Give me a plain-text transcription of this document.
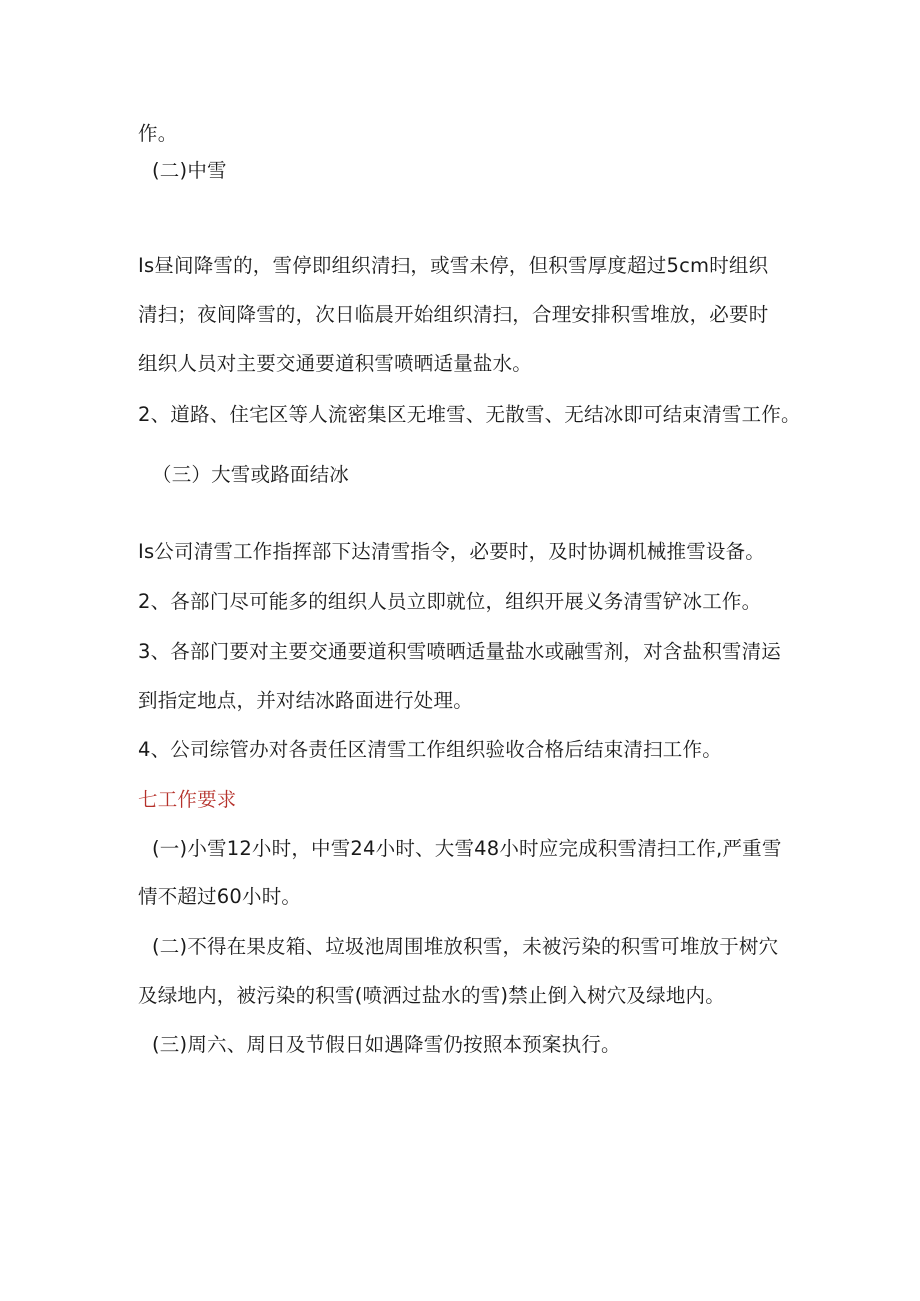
作。
(二)中雪
Is昼间降雪的，雪停即组织清扫，或雪未停，但积雪厚度超过5cm时组织
清扫；夜间降雪的，次日临晨开始组织清扫，合理安排积雪堆放，必要时
组织人员对主要交通要道积雪喷晒适量盐水。
2、道路、住宅区等人流密集区无堆雪、无散雪、无结冰即可结束清雪工作。
（三）大雪或路面结冰
Is公司清雪工作指挥部下达清雪指令，必要时，及时协调机械推雪设备。
2、各部门尽可能多的组织人员立即就位，组织开展义务清雪铲冰工作。
3、各部门要对主要交通要道积雪喷晒适量盐水或融雪剂，对含盐积雪清运
到指定地点，并对结冰路面进行处理。
4、公司综管办对各责任区清雪工作组织验收合格后结束清扫工作。
七工作要求
(一)小雪12小时，中雪24小时、大雪48小时应完成积雪清扫工作,严重雪
情不超过60小时。
(二)不得在果皮箱、垃圾池周围堆放积雪，未被污染的积雪可堆放于树穴
及绿地内，被污染的积雪(喷洒过盐水的雪)禁止倒入树穴及绿地内。
(三)周六、周日及节假日如遇降雪仍按照本预案执行。
